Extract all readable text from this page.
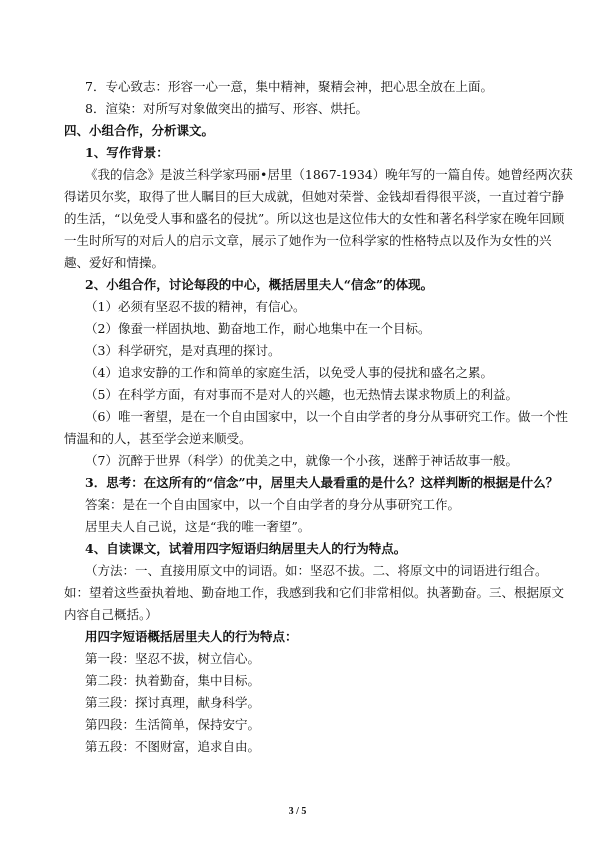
7．专心致志：形容一心一意，集中精神，聚精会神，把心思全放在上面。
8．渲染：对所写对象做突出的描写、形容、烘托。
四、小组合作，分析课文。
1、写作背景：
《我的信念》是波兰科学家玛丽•居里（1867-1934）晚年写的一篇自传。她曾经两次获
得诺贝尔奖，取得了世人瞩目的巨大成就，但她对荣誉、金钱却看得很平淡，一直过着宁静
的生活，“以免受人事和盛名的侵扰”。所以这也是这位伟大的女性和著名科学家在晚年回顾
一生时所写的对后人的启示文章，展示了她作为一位科学家的性格特点以及作为女性的兴
趣、爱好和情操。
2、小组合作，讨论每段的中心，概括居里夫人“信念”的体现。
（1）必须有坚忍不拔的精神，有信心。
（2）像蚕一样固执地、勤奋地工作，耐心地集中在一个目标。
（3）科学研究，是对真理的探讨。
（4）追求安静的工作和简单的家庭生活，以免受人事的侵扰和盛名之累。
（5）在科学方面，有对事而不是对人的兴趣，也无热情去谋求物质上的利益。
（6）唯一奢望，是在一个自由国家中，以一个自由学者的身分从事研究工作。做一个性
情温和的人，甚至学会逆来顺受。
（7）沉醉于世界（科学）的优美之中，就像一个小孩，迷醉于神话故事一般。
3．思考：在这所有的“信念”中，居里夫人最看重的是什么？这样判断的根据是什么？
答案：是在一个自由国家中，以一个自由学者的身分从事研究工作。
居里夫人自己说，这是“我的唯一奢望”。
4、自读课文，试着用四字短语归纳居里夫人的行为特点。
（方法：一、直接用原文中的词语。如：坚忍不拔。二、将原文中的词语进行组合。
如：望着这些蚕执着地、勤奋地工作，我感到我和它们非常相似。执著勤奋。三、根据原文
内容自己概括。）
用四字短语概括居里夫人的行为特点：
第一段：坚忍不拔，树立信心。
第二段：执着勤奋，集中目标。
第三段：探讨真理，献身科学。
第四段：生活简单，保持安宁。
第五段：不图财富，追求自由。
3 / 5
